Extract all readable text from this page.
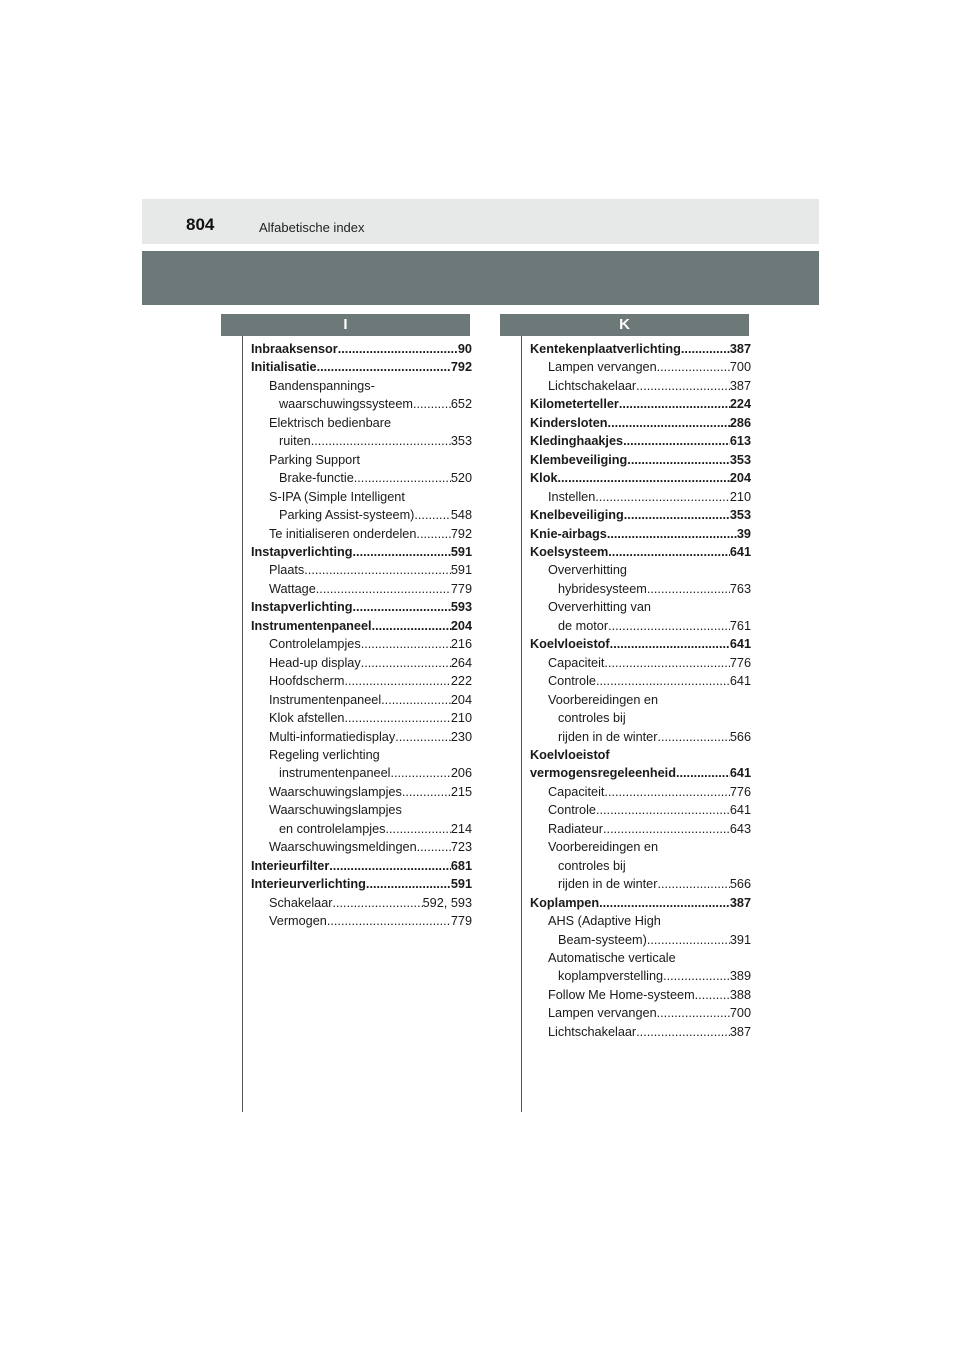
804	Alfabetische index
I	K
Inbraaksensor .....	90
Initialisatie .....	792
Bandenspannings-
waarschuwingssysteem .....	652
Elektrisch bedienbare
ruiten .....	353
Parking Support
Brake-functie .....	520
S-IPA (Simple Intelligent
Parking Assist-systeem) .....	548
Te initialiseren onderdelen .....	792
Instapverlichting .....	591
Plaats .....	591
Wattage .....	779
Instapverlichting .....	593
Instrumentenpaneel .....	204
Controlelampjes .....	216
Head-up display .....	264
Hoofdscherm .....	222
Instrumentenpaneel .....	204
Klok afstellen .....	210
Multi-informatiedisplay .....	230
Regeling verlichting
instrumentenpaneel .....	206
Waarschuwingslampjes .....	215
Waarschuwingslampjes
en controlelampjes .....	214
Waarschuwingsmeldingen .....	723
Interieurfilter .....	681
Interieurverlichting .....	591
Schakelaar .....	592, 593
Vermogen .....	779
Kentekenplaatverlichting .....	387
Lampen vervangen .....	700
Lichtschakelaar .....	387
Kilometerteller .....	224
Kindersloten .....	286
Kledinghaakjes .....	613
Klembeveiliging .....	353
Klok .....	204
Instellen .....	210
Knelbeveiliging .....	353
Knie-airbags .....	39
Koelsysteem .....	641
Oververhitting
hybridesysteem .....	763
Oververhitting van
de motor .....	761
Koelvloeistof .....	641
Capaciteit .....	776
Controle .....	641
Voorbereidingen en
controles bij
rijden in de winter .....	566
Koelvloeistof
vermogensregeleenheid .....	641
Capaciteit .....	776
Controle .....	641
Radiateur .....	643
Voorbereidingen en
controles bij
rijden in de winter .....	566
Koplampen .....	387
AHS (Adaptive High
Beam-systeem) .....	391
Automatische verticale
koplampverstelling .....	389
Follow Me Home-systeem .....	388
Lampen vervangen .....	700
Lichtschakelaar .....	387
